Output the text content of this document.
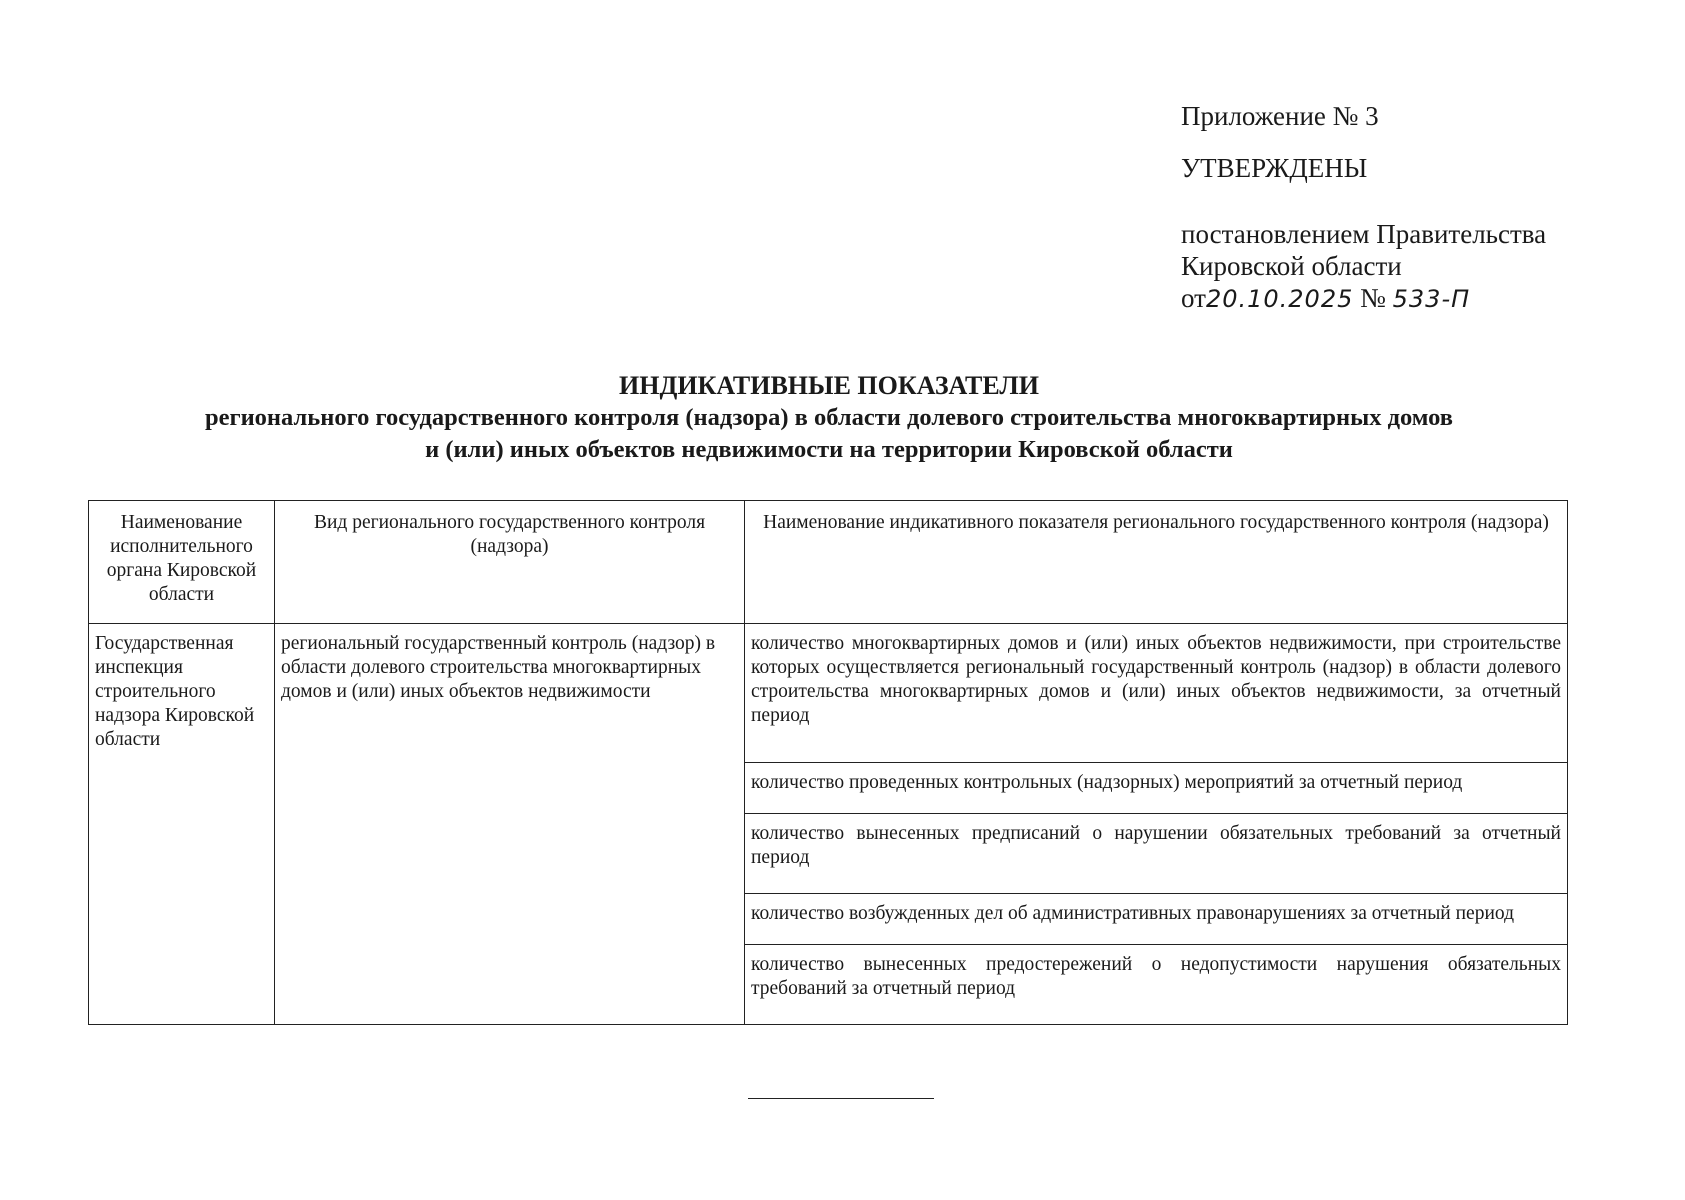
Приложение № 3
УТВЕРЖДЕНЫ
постановлением Правительства
Кировской области
от20.10.2025 № 533-П
ИНДИКАТИВНЫЕ ПОКАЗАТЕЛИ
регионального государственного контроля (надзора) в области долевого строительства многоквартирных домов
и (или) иных объектов недвижимости на территории Кировской области
Наименование исполнительного органа Кировской области	Вид регионального государственного контроля (надзора)	Наименование индикативного показателя регионального государственного контроля (надзора)
Государственная инспекция строительного надзора Кировской области	региональный государственный контроль (надзор) в области долевого строительства многоквартирных домов и (или) иных объектов недвижимости	количество многоквартирных домов и (или) иных объектов недвижимости, при строительстве которых осуществляется региональный государственный контроль (надзор) в области долевого строительства многоквартирных домов и (или) иных объектов недвижимости, за отчетный период
		количество проведенных контрольных (надзорных) мероприятий за отчетный период
		количество вынесенных предписаний о нарушении обязательных требований за отчетный период
		количество возбужденных дел об административных правонарушениях за отчетный период
		количество вынесенных предостережений о недопустимости нарушения обязательных требований за отчетный период
